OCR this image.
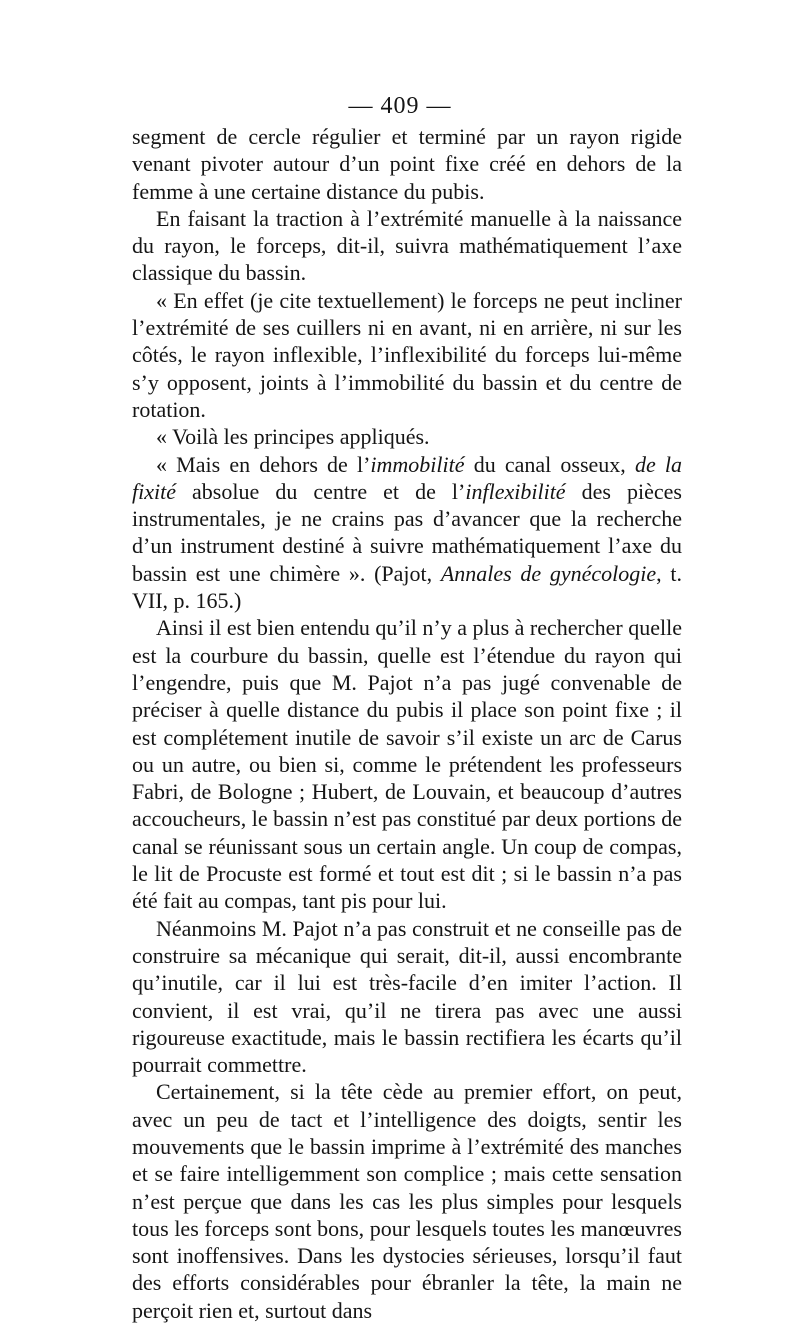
— 409 —

segment de cercle régulier et terminé par un rayon rigide venant pivoter autour d’un point fixe créé en dehors de la femme à une certaine distance du pubis.

En faisant la traction à l’extrémité manuelle à la naissance du rayon, le forceps, dit-il, suivra mathématiquement l’axe classique du bassin.

« En effet (je cite textuellement) le forceps ne peut incliner l’extrémité de ses cuillers ni en avant, ni en arrière, ni sur les côtés, le rayon inflexible, l’inflexibilité du forceps lui-même s’y opposent, joints à l’immobilité du bassin et du centre de rotation.

« Voilà les principes appliqués.

« Mais en dehors de l’immobilité du canal osseux, de la fixité absolue du centre et de l’inflexibilité des pièces instrumentales, je ne crains pas d’avancer que la recherche d’un instrument destiné à suivre mathématiquement l’axe du bassin est une chimère ». (Pajot, Annales de gynécologie, t. VII, p. 165.)

Ainsi il est bien entendu qu’il n’y a plus à rechercher quelle est la courbure du bassin, quelle est l’étendue du rayon qui l’engendre, puis que M. Pajot n’a pas jugé convenable de préciser à quelle distance du pubis il place son point fixe ; il est complétement inutile de savoir s’il existe un arc de Carus ou un autre, ou bien si, comme le prétendent les professeurs Fabri, de Bologne ; Hubert, de Louvain, et beaucoup d’autres accoucheurs, le bassin n’est pas constitué par deux portions de canal se réunissant sous un certain angle. Un coup de compas, le lit de Procuste est formé et tout est dit ; si le bassin n’a pas été fait au compas, tant pis pour lui.

Néanmoins M. Pajot n’a pas construit et ne conseille pas de construire sa mécanique qui serait, dit-il, aussi encombrante qu’inutile, car il lui est très-facile d’en imiter l’action. Il convient, il est vrai, qu’il ne tirera pas avec une aussi rigoureuse exactitude, mais le bassin rectifiera les écarts qu’il pourrait commettre.

Certainement, si la tête cède au premier effort, on peut, avec un peu de tact et l’intelligence des doigts, sentir les mouvements que le bassin imprime à l’extrémité des manches et se faire intelligemment son complice ; mais cette sensation n’est perçue que dans les cas les plus simples pour lesquels tous les forceps sont bons, pour lesquels toutes les manœuvres sont inoffensives. Dans les dystocies sérieuses, lorsqu’il faut des efforts considérables pour ébranler la tête, la main ne perçoit rien et, surtout dans
